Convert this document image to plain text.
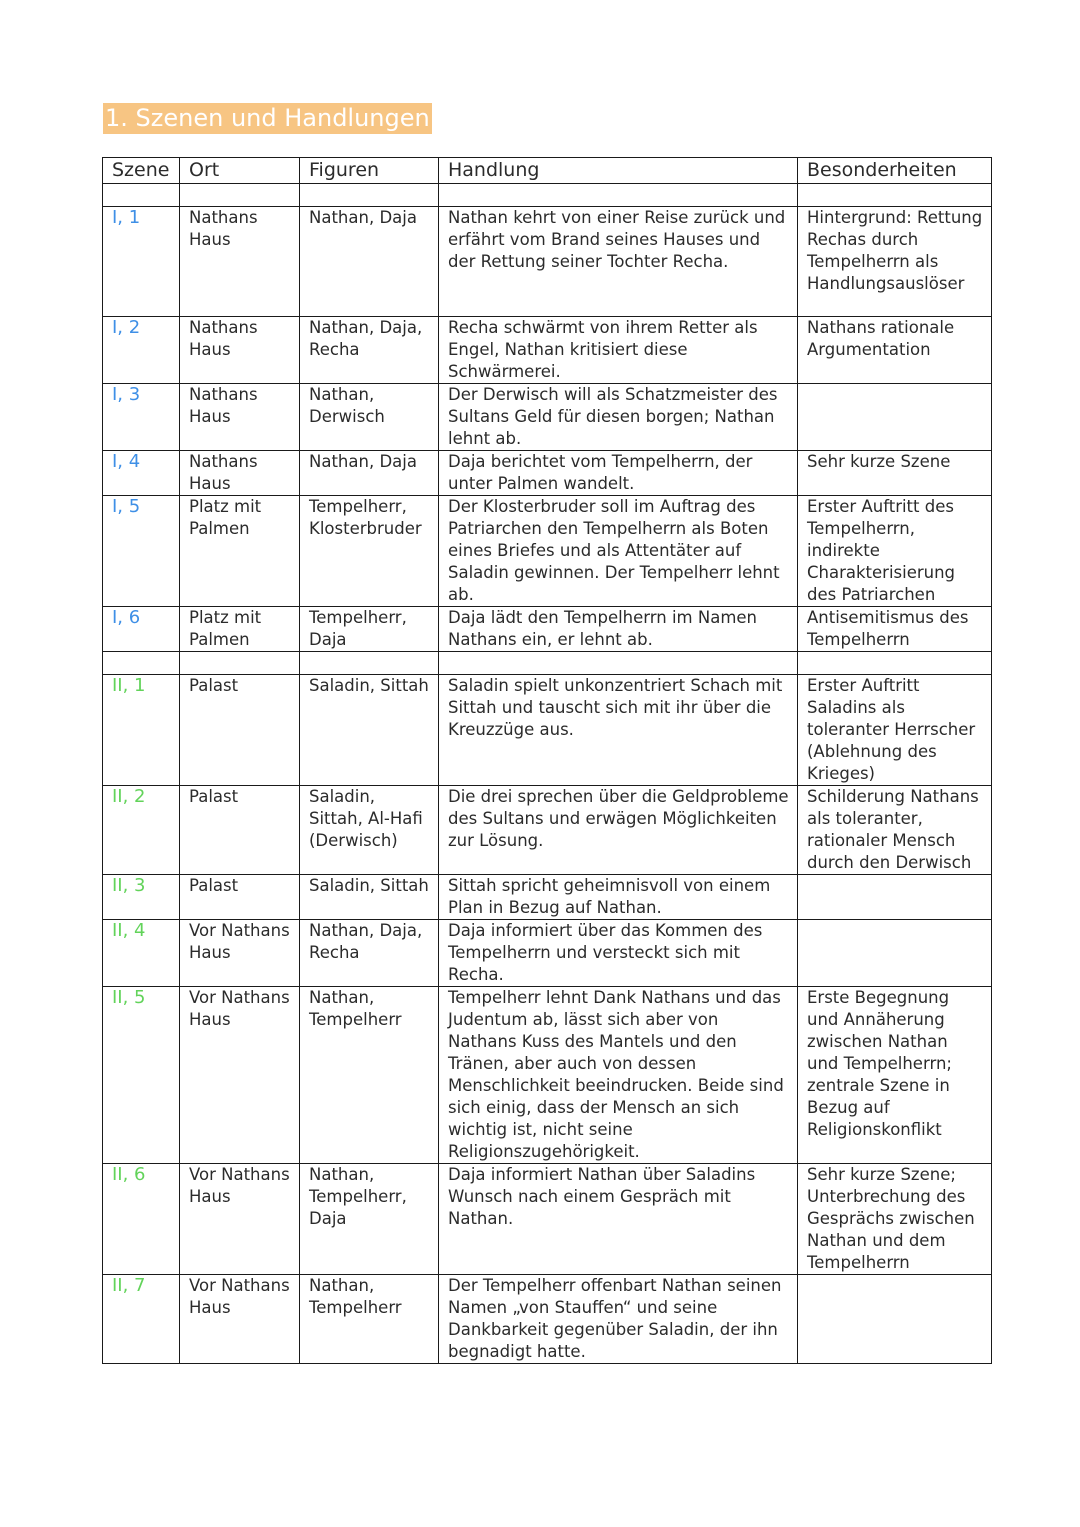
1. Szenen und Handlungen
Szene	Ort	Figuren	Handlung	Besonderheiten

I, 1	Nathans Haus	Nathan, Daja	Nathan kehrt von einer Reise zurück und erfährt vom Brand seines Hauses und der Rettung seiner Tochter Recha.	Hintergrund: Rettung Rechas durch Tempelherrn als Handlungsauslöser
I, 2	Nathans Haus	Nathan, Daja, Recha	Recha schwärmt von ihrem Retter als Engel, Nathan kritisiert diese Schwärmerei.	Nathans rationale Argumentation
I, 3	Nathans Haus	Nathan, Derwisch	Der Derwisch will als Schatzmeister des Sultans Geld für diesen borgen; Nathan lehnt ab.	
I, 4	Nathans Haus	Nathan, Daja	Daja berichtet vom Tempelherrn, der unter Palmen wandelt.	Sehr kurze Szene
I, 5	Platz mit Palmen	Tempelherr, Klosterbruder	Der Klosterbruder soll im Auftrag des Patriarchen den Tempelherrn als Boten eines Briefes und als Attentäter auf Saladin gewinnen. Der Tempelherr lehnt ab.	Erster Auftritt des Tempelherrn, indirekte Charakterisierung des Patriarchen
I, 6	Platz mit Palmen	Tempelherr, Daja	Daja lädt den Tempelherrn im Namen Nathans ein, er lehnt ab.	Antisemitismus des Tempelherrn

II, 1	Palast	Saladin, Sittah	Saladin spielt unkonzentriert Schach mit Sittah und tauscht sich mit ihr über die Kreuzzüge aus.	Erster Auftritt Saladins als toleranter Herrscher (Ablehnung des Krieges)
II, 2	Palast	Saladin, Sittah, Al-Hafi (Derwisch)	Die drei sprechen über die Geldprobleme des Sultans und erwägen Möglichkeiten zur Lösung.	Schilderung Nathans als toleranter, rationaler Mensch durch den Derwisch
II, 3	Palast	Saladin, Sittah	Sittah spricht geheimnisvoll von einem Plan in Bezug auf Nathan.	
II, 4	Vor Nathans Haus	Nathan, Daja, Recha	Daja informiert über das Kommen des Tempelherrn und versteckt sich mit Recha.	
II, 5	Vor Nathans Haus	Nathan, Tempelherr	Tempelherr lehnt Dank Nathans und das Judentum ab, lässt sich aber von Nathans Kuss des Mantels und den Tränen, aber auch von dessen Menschlichkeit beeindrucken. Beide sind sich einig, dass der Mensch an sich wichtig ist, nicht seine Religionszugehörigkeit.	Erste Begegnung und Annäherung zwischen Nathan und Tempelherrn; zentrale Szene in Bezug auf Religionskonflikt
II, 6	Vor Nathans Haus	Nathan, Tempelherr, Daja	Daja informiert Nathan über Saladins Wunsch nach einem Gespräch mit Nathan.	Sehr kurze Szene; Unterbrechung des Gesprächs zwischen Nathan und dem Tempelherrn
II, 7	Vor Nathans Haus	Nathan, Tempelherr	Der Tempelherr offenbart Nathan seinen Namen „von Stauffen“ und seine Dankbarkeit gegenüber Saladin, der ihn begnadigt hatte.	
